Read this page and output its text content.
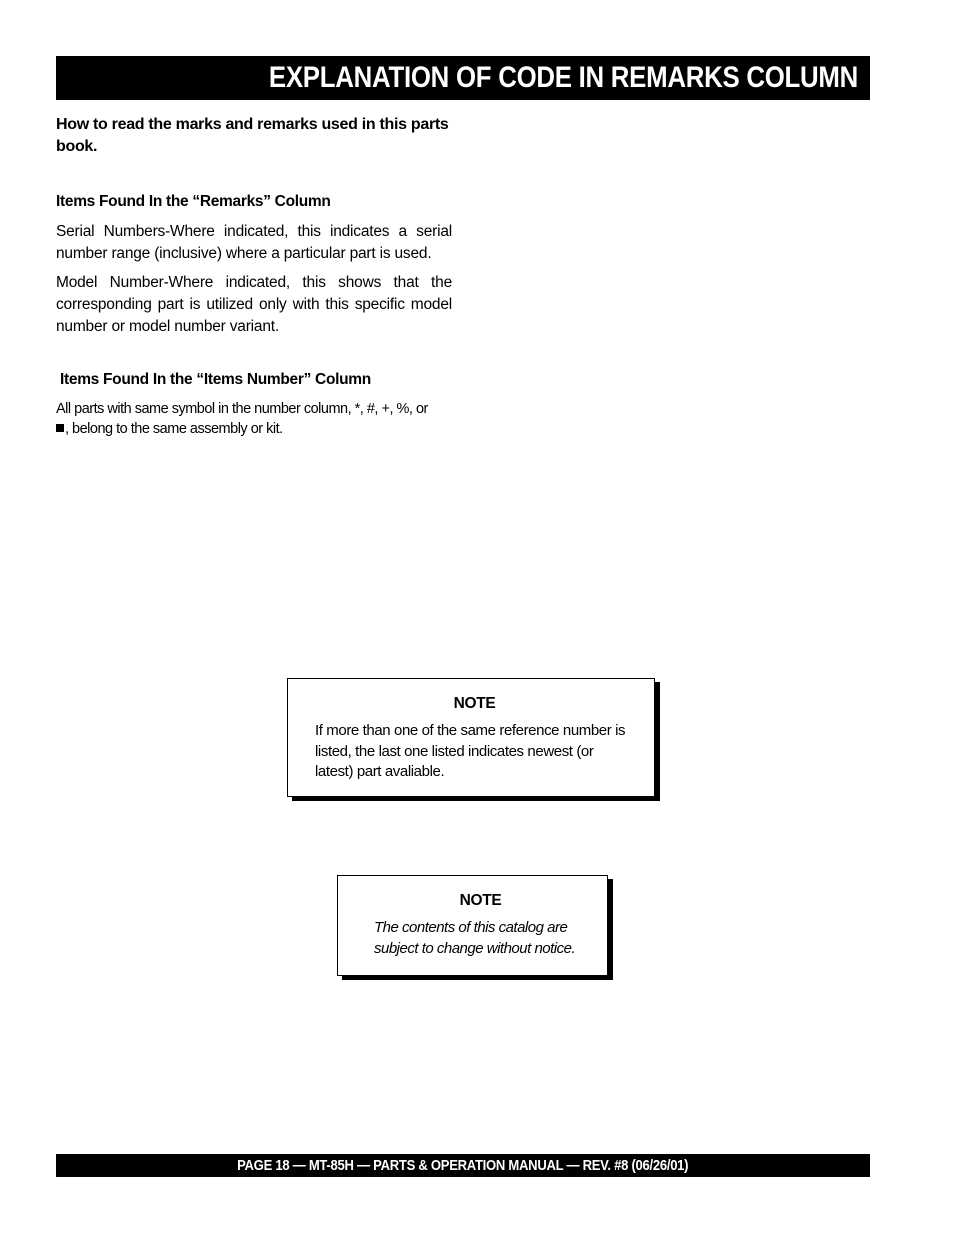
EXPLANATION OF CODE IN REMARKS COLUMN
How to read the marks and remarks used in this parts book.
Items Found In the “Remarks” Column
Serial Numbers-Where indicated, this indicates a serial number range (inclusive) where a particular part is used.
Model Number-Where indicated, this shows that the corresponding part is utilized only with this specific model number or model number variant.
Items Found In the “Items Number” Column
All parts with same symbol in the number column, *, #, +, %, or
, belong to the same assembly or kit.
NOTE
If more than one of the same reference number is listed, the last one listed indicates newest (or latest) part avaliable.
NOTE
The contents of this catalog are subject to change without notice.
PAGE 18 — MT-85H — PARTS & OPERATION MANUAL — REV. #8 (06/26/01)
